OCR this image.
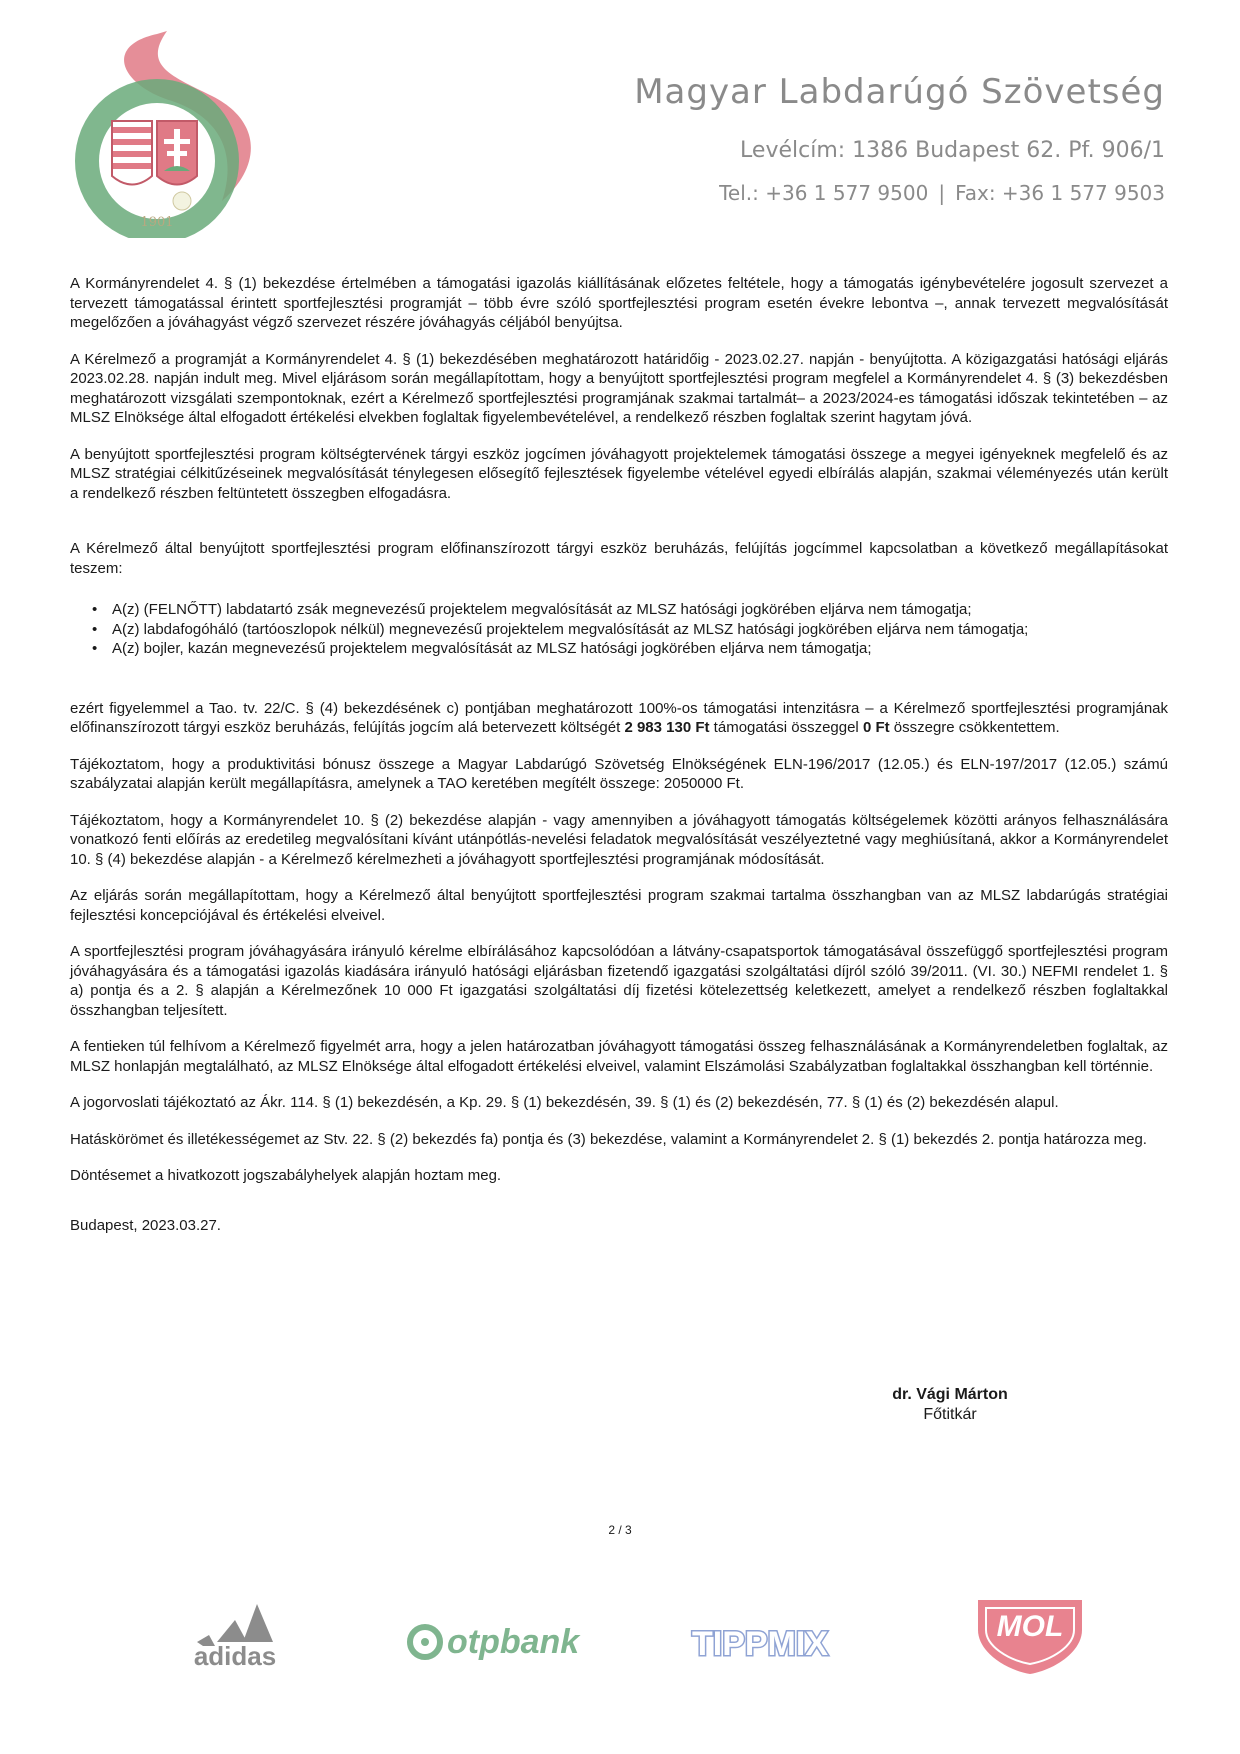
1901
Magyar Labdarúgó Szövetség
Levélcím: 1386 Budapest 62. Pf. 906/1
Tel.: +36 1 577 9500 | Fax: +36 1 577 9503

A Kormányrendelet 4. § (1) bekezdése értelmében a támogatási igazolás kiállításának előzetes feltétele, hogy a támogatás igénybevételére jogosult szervezet a tervezett támogatással érintett sportfejlesztési programját – több évre szóló sportfejlesztési program esetén évekre lebontva –, annak tervezett megvalósítását megelőzően a jóváhagyást végző szervezet részére jóváhagyás céljából benyújtsa.

A Kérelmező a programját a Kormányrendelet 4. § (1) bekezdésében meghatározott határidőig - 2023.02.27. napján - benyújtotta. A közigazgatási hatósági eljárás 2023.02.28. napján indult meg. Mivel eljárásom során megállapítottam, hogy a benyújtott sportfejlesztési program megfelel a Kormányrendelet 4. § (3) bekezdésben meghatározott vizsgálati szempontoknak, ezért a Kérelmező sportfejlesztési programjának szakmai tartalmát– a 2023/2024-es támogatási időszak tekintetében – az MLSZ Elnöksége által elfogadott értékelési elvekben foglaltak figyelembevételével, a rendelkező részben foglaltak szerint hagytam jóvá.

A benyújtott sportfejlesztési program költségtervének tárgyi eszköz jogcímen jóváhagyott projektelemek támogatási összege a megyei igényeknek megfelelő és az MLSZ stratégiai célkitűzéseinek megvalósítását ténylegesen elősegítő fejlesztések figyelembe vételével egyedi elbírálás alapján, szakmai véleményezés után került a rendelkező részben feltüntetett összegben elfogadásra.

A Kérelmező által benyújtott sportfejlesztési program előfinanszírozott tárgyi eszköz beruházás, felújítás jogcímmel kapcsolatban a következő megállapításokat teszem:

• A(z) (FELNŐTT) labdatartó zsák megnevezésű projektelem megvalósítását az MLSZ hatósági jogkörében eljárva nem támogatja;
• A(z) labdafogóháló (tartóoszlopok nélkül) megnevezésű projektelem megvalósítását az MLSZ hatósági jogkörében eljárva nem támogatja;
• A(z) bojler, kazán megnevezésű projektelem megvalósítását az MLSZ hatósági jogkörében eljárva nem támogatja;

ezért figyelemmel a Tao. tv. 22/C. § (4) bekezdésének c) pontjában meghatározott 100%-os támogatási intenzitásra – a Kérelmező sportfejlesztési programjának előfinanszírozott tárgyi eszköz beruházás, felújítás jogcím alá betervezett költségét 2 983 130 Ft támogatási összeggel 0 Ft összegre csökkentettem.

Tájékoztatom, hogy a produktivitási bónusz összege a Magyar Labdarúgó Szövetség Elnökségének ELN-196/2017 (12.05.) és ELN-197/2017 (12.05.) számú szabályzatai alapján került megállapításra, amelynek a TAO keretében megítélt összege: 2050000 Ft.

Tájékoztatom, hogy a Kormányrendelet 10. § (2) bekezdése alapján - vagy amennyiben a jóváhagyott támogatás költségelemek közötti arányos felhasználására vonatkozó fenti előírás az eredetileg megvalósítani kívánt utánpótlás-nevelési feladatok megvalósítását veszélyeztetné vagy meghiúsítaná, akkor a Kormányrendelet 10. § (4) bekezdése alapján - a Kérelmező kérelmezheti a jóváhagyott sportfejlesztési programjának módosítását.

Az eljárás során megállapítottam, hogy a Kérelmező által benyújtott sportfejlesztési program szakmai tartalma összhangban van az MLSZ labdarúgás stratégiai fejlesztési koncepciójával és értékelési elveivel.

A sportfejlesztési program jóváhagyására irányuló kérelme elbírálásához kapcsolódóan a látvány-csapatsportok támogatásával összefüggő sportfejlesztési program jóváhagyására és a támogatási igazolás kiadására irányuló hatósági eljárásban fizetendő igazgatási szolgáltatási díjról szóló 39/2011. (VI. 30.) NEFMI rendelet 1. § a) pontja és a 2. § alapján a Kérelmezőnek 10 000 Ft igazgatási szolgáltatási díj fizetési kötelezettség keletkezett, amelyet a rendelkező részben foglaltakkal összhangban teljesített.

A fentieken túl felhívom a Kérelmező figyelmét arra, hogy a jelen határozatban jóváhagyott támogatási összeg felhasználásának a Kormányrendeletben foglaltak, az MLSZ honlapján megtalálható, az MLSZ Elnöksége által elfogadott értékelési elveivel, valamint Elszámolási Szabályzatban foglaltakkal összhangban kell történnie.

A jogorvoslati tájékoztató az Ákr. 114. § (1) bekezdésén, a Kp. 29. § (1) bekezdésén, 39. § (1) és (2) bekezdésén, 77. § (1) és (2) bekezdésén alapul.

Hatáskörömet és illetékességemet az Stv. 22. § (2) bekezdés fa) pontja és (3) bekezdése, valamint a Kormányrendelet 2. § (1) bekezdés 2. pontja határozza meg.

Döntésemet a hivatkozott jogszabályhelyek alapján hoztam meg.

Budapest, 2023.03.27.

dr. Vági Márton
Főtitkár
2 / 3
adidas	otpbank	TIPPMIX	MOL
